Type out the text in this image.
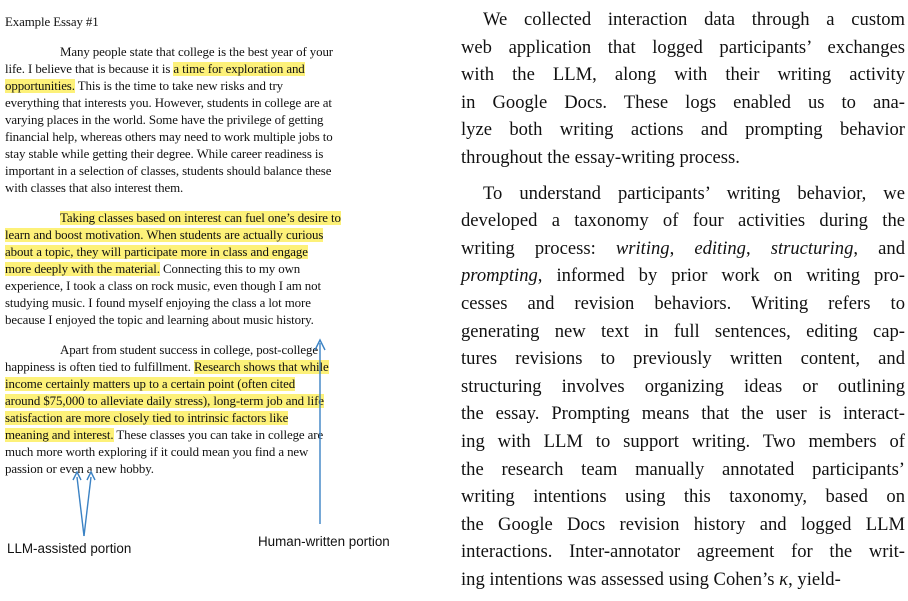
Example Essay #1

Many people state that college is the best year of your
life. I believe that is because it is a time for exploration and
opportunities. This is the time to take new risks and try
everything that interests you. However, students in college are at
varying places in the world. Some have the privilege of getting
financial help, whereas others may need to work multiple jobs to
stay stable while getting their degree. While career readiness is
important in a selection of classes, students should balance these
with classes that also interest them.

Taking classes based on interest can fuel one’s desire to
learn and boost motivation. When students are actually curious
about a topic, they will participate more in class and engage
more deeply with the material. Connecting this to my own
experience, I took a class on rock music, even though I am not
studying music. I found myself enjoying the class a lot more
because I enjoyed the topic and learning about music history.

Apart from student success in college, post-college
happiness is often tied to fulfillment. Research shows that while
income certainly matters up to a certain point (often cited
around $75,000 to alleviate daily stress), long-term job and life
satisfaction are more closely tied to intrinsic factors like
meaning and interest. These classes you can take in college are
much more worth exploring if it could mean you find a new
passion or even a new hobby.

LLM-assisted portion	Human-written portion

We collected interaction data through a custom
web application that logged participants’ exchanges
with the LLM, along with their writing activity
in Google Docs. These logs enabled us to ana-
lyze both writing actions and prompting behavior
throughout the essay-writing process.

To understand participants’ writing behavior, we
developed a taxonomy of four activities during the
writing process: writing, editing, structuring, and
prompting, informed by prior work on writing pro-
cesses and revision behaviors. Writing refers to
generating new text in full sentences, editing cap-
tures revisions to previously written content, and
structuring involves organizing ideas or outlining
the essay. Prompting means that the user is interact-
ing with LLM to support writing. Two members of
the research team manually annotated participants’
writing intentions using this taxonomy, based on
the Google Docs revision history and logged LLM
interactions. Inter-annotator agreement for the writ-
ing intentions was assessed using Cohen’s κ, yield-
